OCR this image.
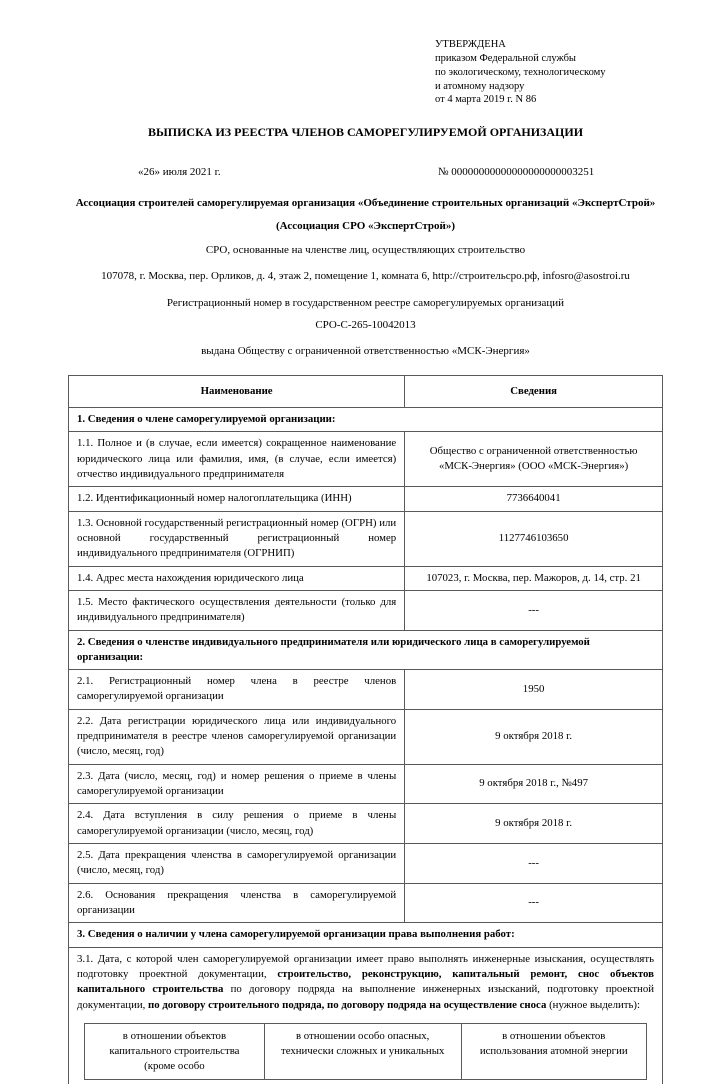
УТВЕРЖДЕНА
приказом Федеральной службы
по экологическому, технологическому
и атомному надзору
от 4 марта 2019 г. N 86
ВЫПИСКА ИЗ РЕЕСТРА ЧЛЕНОВ САМОРЕГУЛИРУЕМОЙ ОРГАНИЗАЦИИ
«26» июля 2021 г.	№ 00000000000000000000003251
Ассоциация строителей саморегулируемая организация «Объединение строительных организаций «ЭкспертСтрой»
(Ассоциация СРО «ЭкспертСтрой»)
СРО, основанные на членстве лиц, осуществляющих строительство
107078, г. Москва, пер. Орликов, д. 4, этаж 2, помещение 1, комната 6, http://строительсро.рф, infosro@asostroi.ru
Регистрационный номер в государственном реестре саморегулируемых организаций
СРО-С-265-10042013
выдана Обществу с ограниченной ответственностью «МСК-Энергия»
Наименование	Сведения
1. Сведения о члене саморегулируемой организации:
1.1. Полное и (в случае, если имеется) сокращенное наименование юридического лица или фамилия, имя, (в случае, если имеется) отчество индивидуального предпринимателя	Общество с ограниченной ответственностью «МСК-Энергия» (ООО «МСК-Энергия»)
1.2. Идентификационный номер налогоплательщика (ИНН)	7736640041
1.3. Основной государственный регистрационный номер (ОГРН) или основной государственный регистрационный номер индивидуального предпринимателя (ОГРНИП)	1127746103650
1.4. Адрес места нахождения юридического лица	107023, г. Москва, пер. Мажоров, д. 14, стр. 21
1.5. Место фактического осуществления деятельности (только для индивидуального предпринимателя)	---
2. Сведения о членстве индивидуального предпринимателя или юридического лица в саморегулируемой организации:
2.1. Регистрационный номер члена в реестре членов саморегулируемой организации	1950
2.2. Дата регистрации юридического лица или индивидуального предпринимателя в реестре членов саморегулируемой организации (число, месяц, год)	9 октября 2018 г.
2.3. Дата (число, месяц, год) и номер решения о приеме в члены саморегулируемой организации	9 октября 2018 г., №497
2.4. Дата вступления в силу решения о приеме в члены саморегулируемой организации (число, месяц, год)	9 октября 2018 г.
2.5. Дата прекращения членства в саморегулируемой организации (число, месяц, год)	---
2.6. Основания прекращения членства в саморегулируемой организации	---
3. Сведения о наличии у члена саморегулируемой организации права выполнения работ:

3.1. Дата, с которой член саморегулируемой организации имеет право выполнять инженерные изыскания, осуществлять подготовку проектной документации, строительство, реконструкцию, капитальный ремонт, снос объектов капитального строительства по договору подряда на выполнение инженерных изысканий, подготовку проектной документации, по договору строительного подряда, по договору подряда на осуществление сноса (нужное выделить):

в отношении объектов капитального строительства (кроме особо	в отношении особо опасных, технически сложных и уникальных	в отношении объектов использования атомной энергии
